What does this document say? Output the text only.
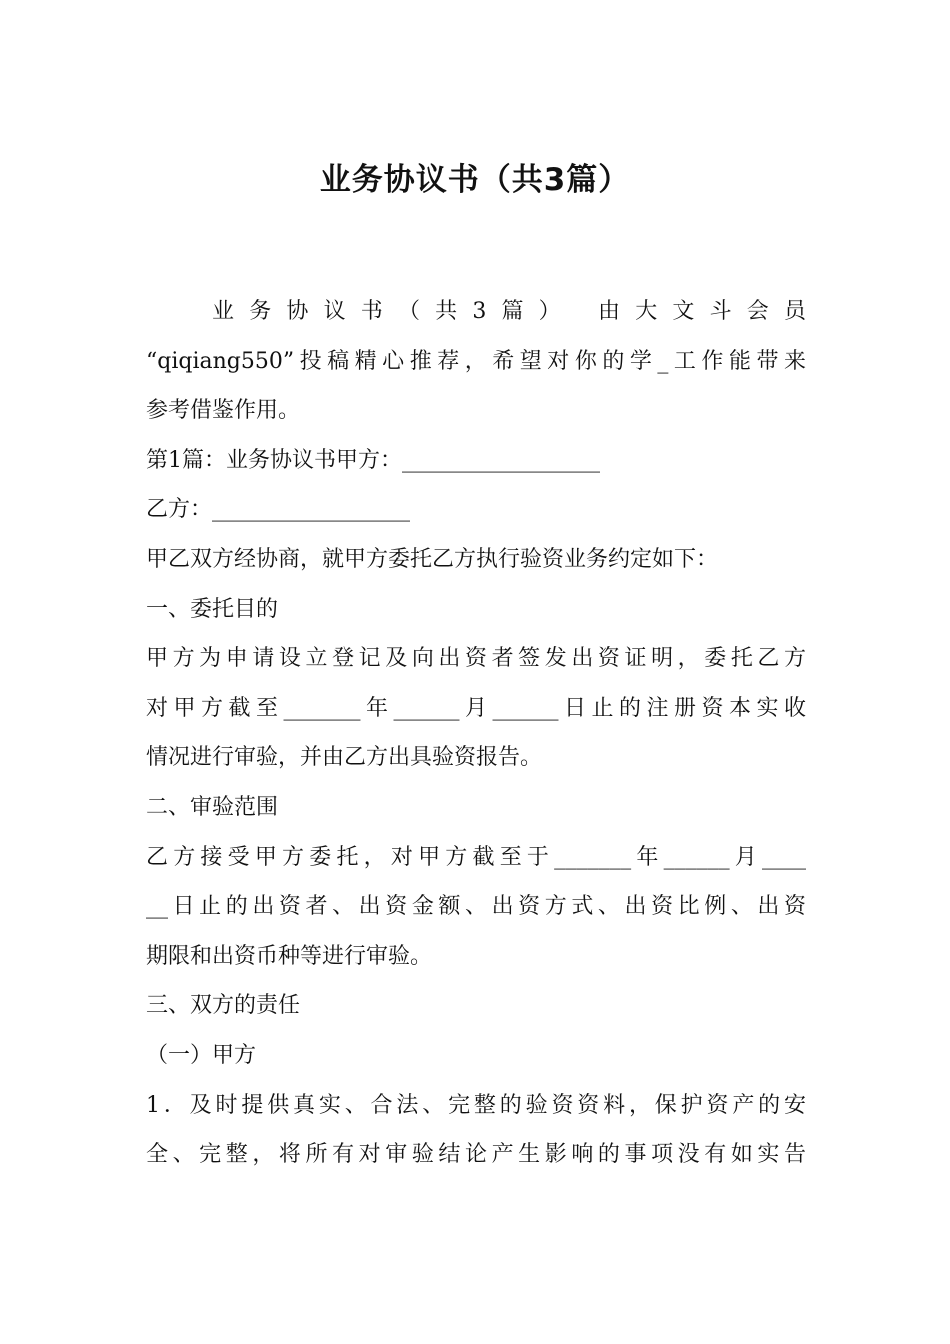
业务协议书（共3篇）

业务协议书（共3篇） 由大文斗会员

“qiqiang550”投稿精心推荐，希望对你的学_工作能带来

参考借鉴作用。

第1篇：业务协议书甲方：__________________

乙方：__________________

甲乙双方经协商，就甲方委托乙方执行验资业务约定如下：

一、委托目的

甲方为申请设立登记及向出资者签发出资证明，委托乙方

对甲方截至_______年______月______日止的注册资本实收

情况进行审验，并由乙方出具验资报告。

二、审验范围

乙方接受甲方委托，对甲方截至于_______年______月____

__日止的出资者、出资金额、出资方式、出资比例、出资

期限和出资币种等进行审验。

三、双方的责任

（一）甲方

1．及时提供真实、合法、完整的验资资料，保护资产的安

全、完整，将所有对审验结论产生影响的事项没有如实告
